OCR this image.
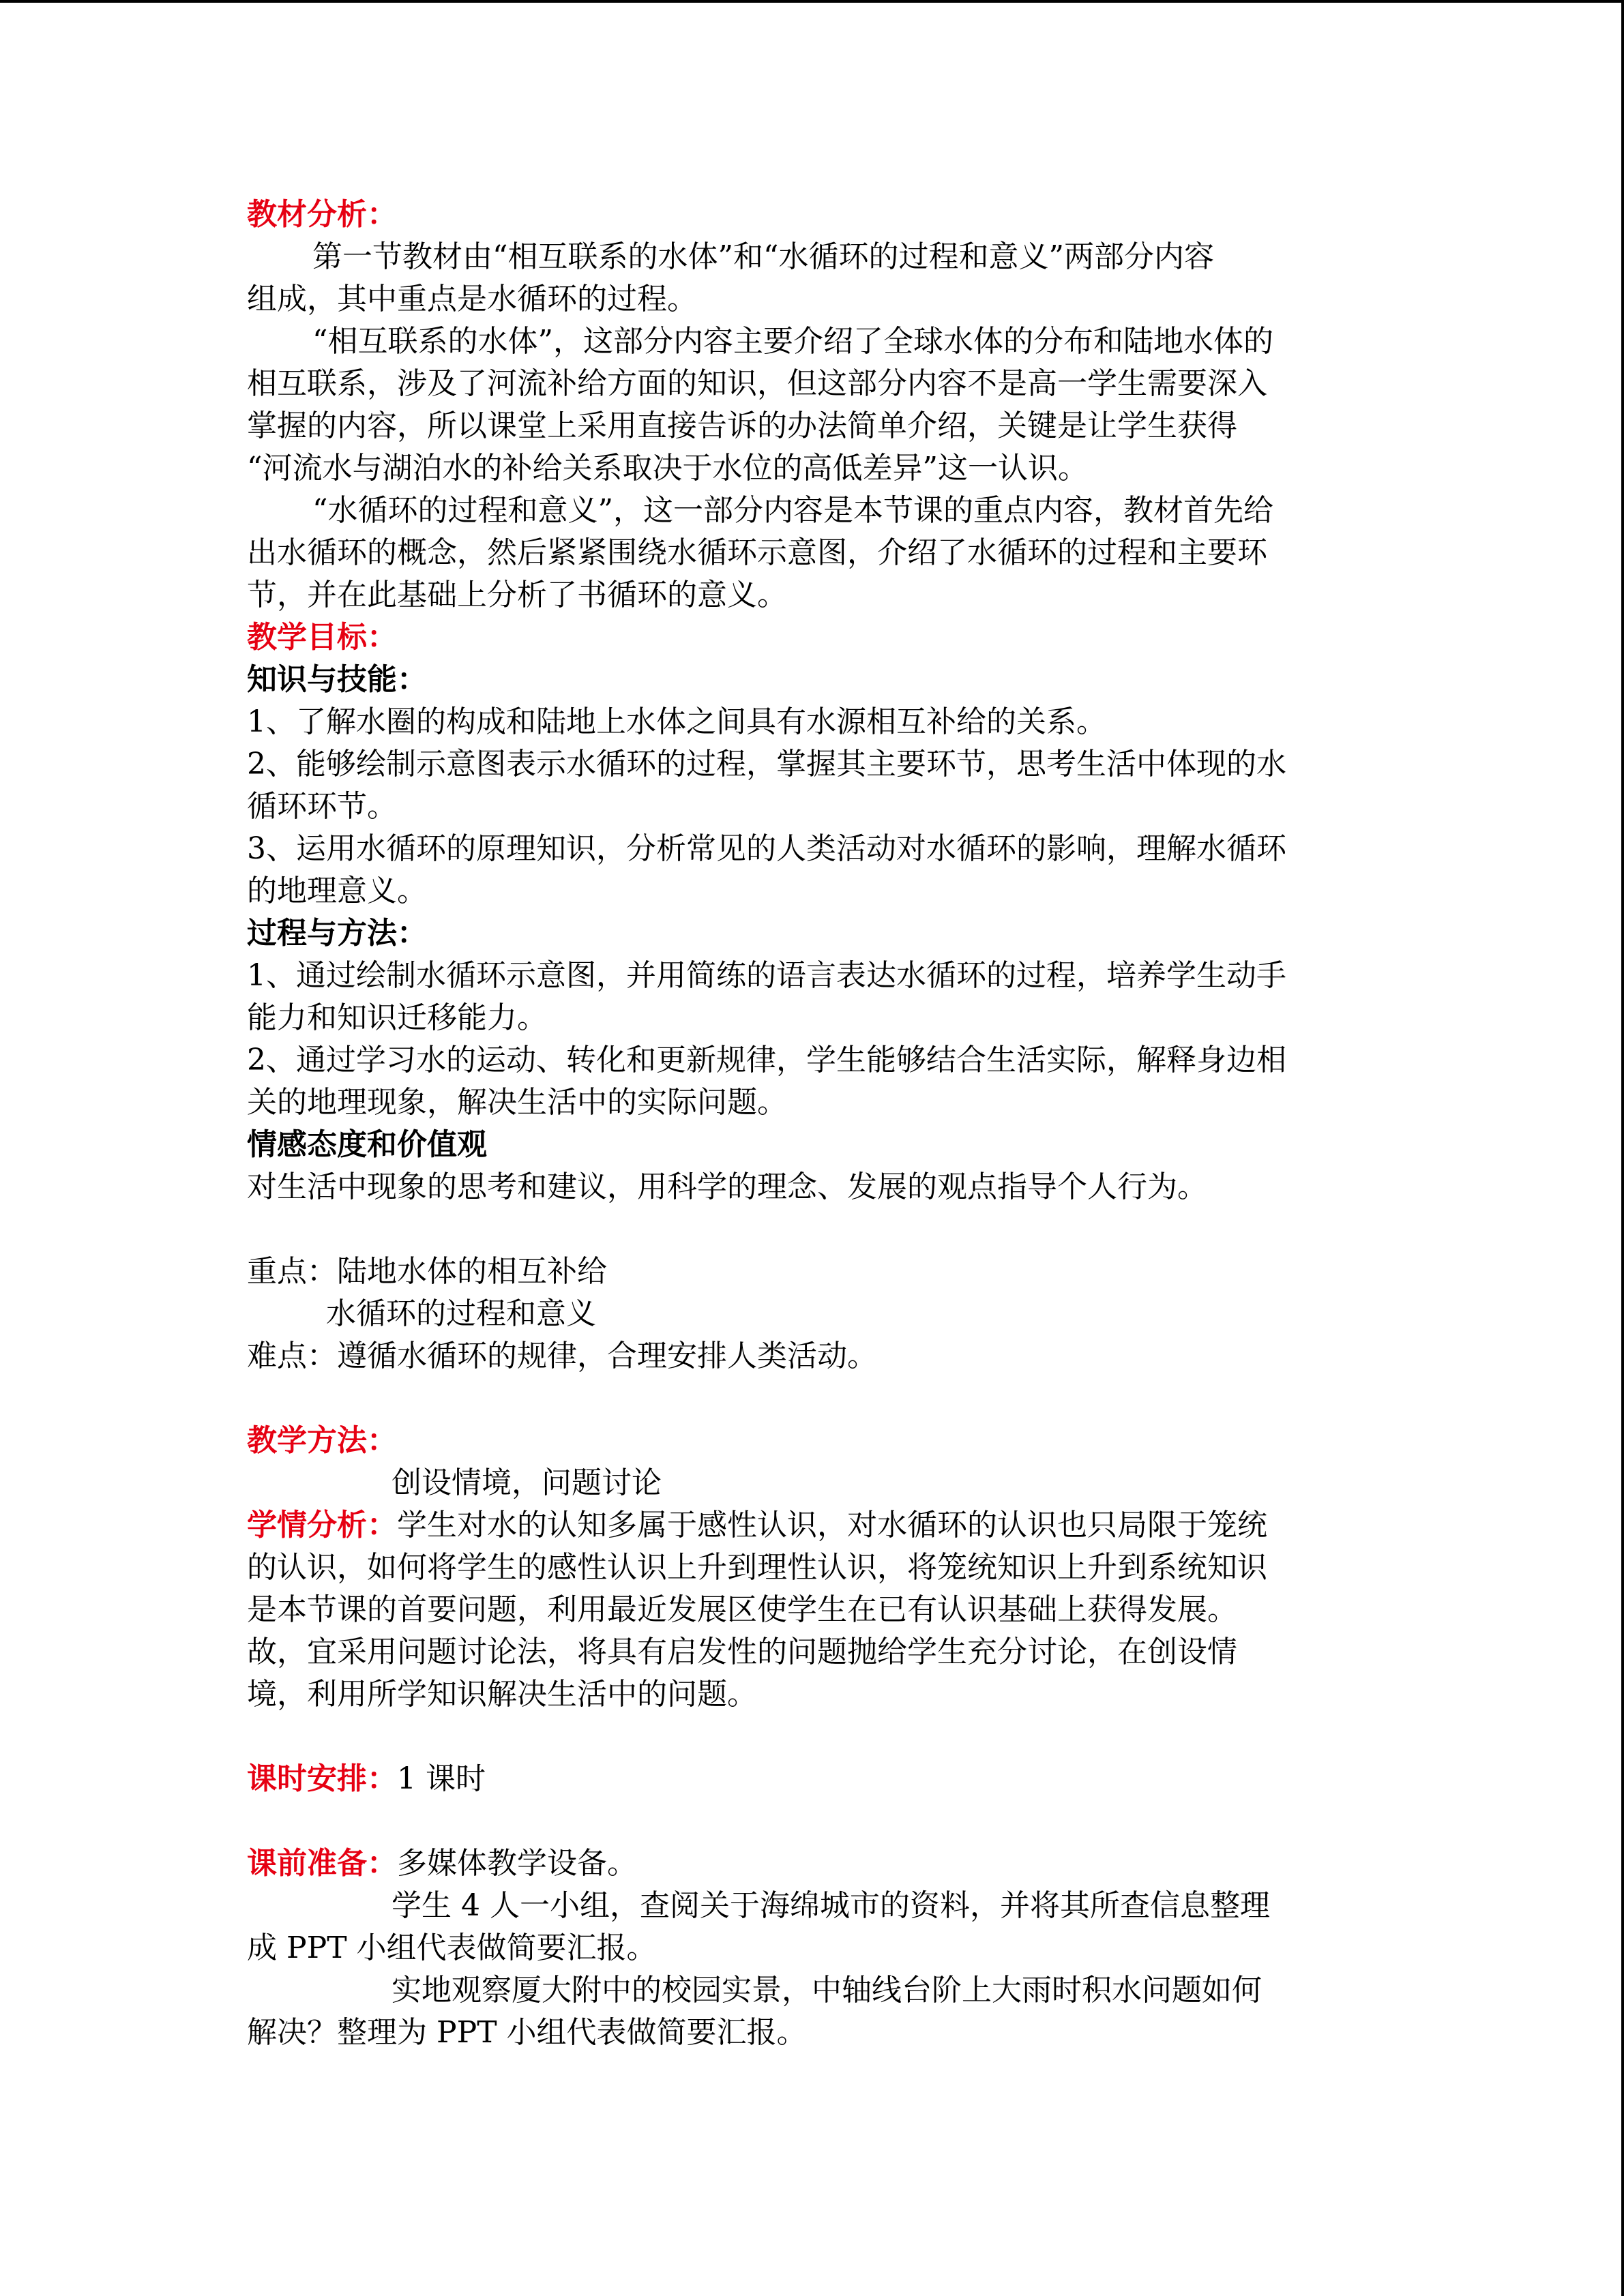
教材分析：

第一节教材由“相互联系的水体”和“水循环的过程和意义”两部分内容

组成，其中重点是水循环的过程。

“相互联系的水体”，这部分内容主要介绍了全球水体的分布和陆地水体的

相互联系，涉及了河流补给方面的知识，但这部分内容不是高一学生需要深入

掌握的内容，所以课堂上采用直接告诉的办法简单介绍，关键是让学生获得

“河流水与湖泊水的补给关系取决于水位的高低差异”这一认识。

“水循环的过程和意义”，这一部分内容是本节课的重点内容，教材首先给

出水循环的概念，然后紧紧围绕水循环示意图，介绍了水循环的过程和主要环

节，并在此基础上分析了书循环的意义。

教学目标：

知识与技能：

1、了解水圈的构成和陆地上水体之间具有水源相互补给的关系。

2、能够绘制示意图表示水循环的过程，掌握其主要环节，思考生活中体现的水

循环环节。

3、运用水循环的原理知识，分析常见的人类活动对水循环的影响，理解水循环

的地理意义。

过程与方法：

1、通过绘制水循环示意图，并用简练的语言表达水循环的过程，培养学生动手

能力和知识迁移能力。

2、通过学习水的运动、转化和更新规律，学生能够结合生活实际，解释身边相

关的地理现象，解决生活中的实际问题。

情感态度和价值观

对生活中现象的思考和建议，用科学的理念、发展的观点指导个人行为。

重点：陆地水体的相互补给

水循环的过程和意义

难点：遵循水循环的规律，合理安排人类活动。

教学方法：

创设情境，问题讨论

学情分析：学生对水的认知多属于感性认识，对水循环的认识也只局限于笼统

的认识，如何将学生的感性认识上升到理性认识，将笼统知识上升到系统知识

是本节课的首要问题，利用最近发展区使学生在已有认识基础上获得发展。

故，宜采用问题讨论法，将具有启发性的问题抛给学生充分讨论，在创设情

境，利用所学知识解决生活中的问题。

课时安排：1 课时

课前准备：多媒体教学设备。

学生 4 人一小组，查阅关于海绵城市的资料，并将其所查信息整理

成 PPT 小组代表做简要汇报。

实地观察厦大附中的校园实景，中轴线台阶上大雨时积水问题如何

解决？整理为 PPT 小组代表做简要汇报。
